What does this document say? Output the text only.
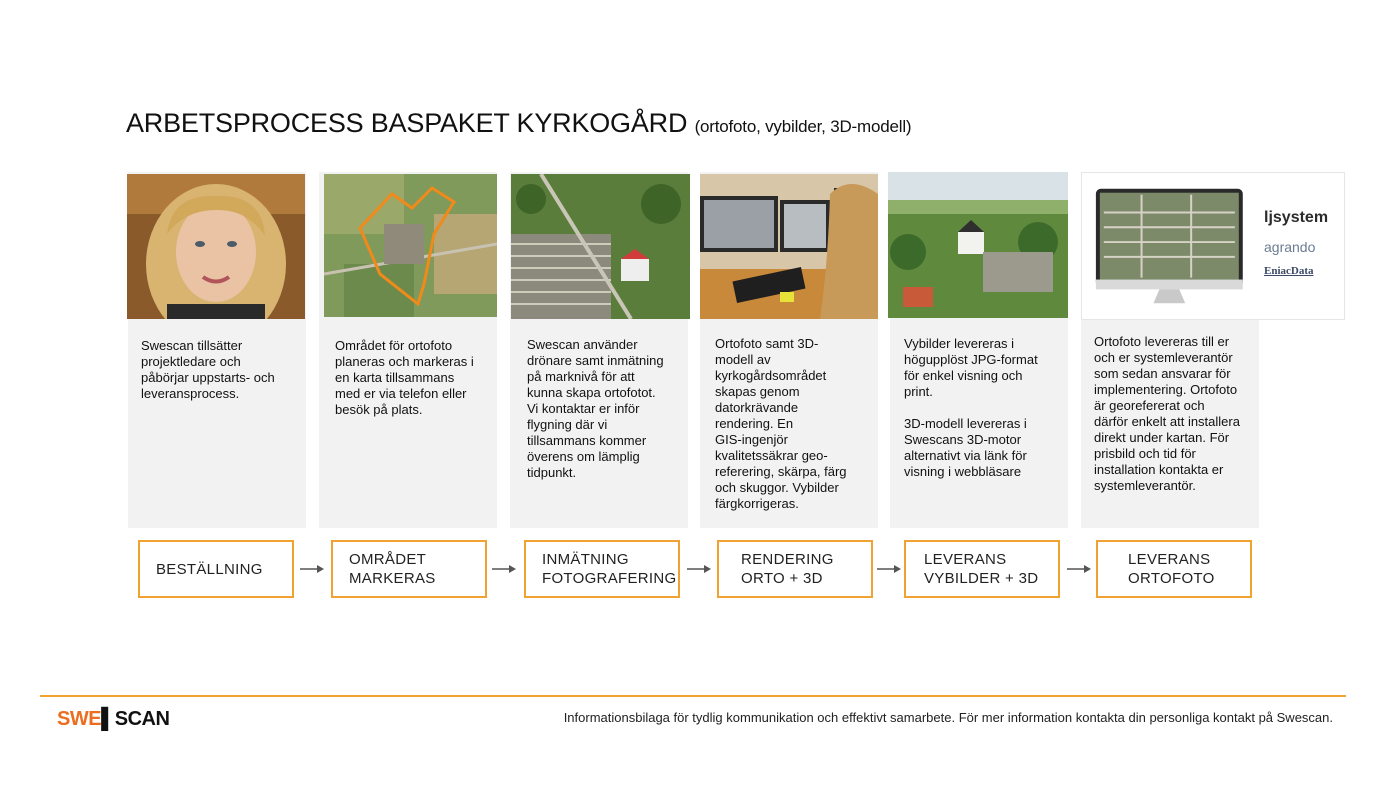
ARBETSPROCESS BASPAKET KYRKOGÅRD (ortofoto, vybilder, 3D-modell)
ljsystem
agrando
EniacData
Swescan tillsätter
projektledare och
påbörjar uppstarts- och
leveransprocess.
Området för ortofoto
planeras och markeras i
en karta tillsammans
med er via telefon eller
besök på plats.
Swescan använder
drönare samt inmätning
på marknivå för att
kunna skapa ortofotot.
Vi kontaktar er inför
flygning där vi
tillsammans kommer
överens om lämplig
tidpunkt.
Ortofoto samt 3D-
modell av
kyrkogårdsområdet
skapas genom
datorkrävande
rendering. En
GIS-ingenjör
kvalitetssäkrar geo-
referering, skärpa, färg
och skuggor. Vybilder
färgkorrigeras.
Vybilder levereras i
högupplöst JPG-format
för enkel visning och
print.

3D-modell levereras i
Swescans 3D-motor
alternativt via länk för
visning i webbläsare
Ortofoto levereras till er
och er systemleverantör
som sedan ansvarar för
implementering. Ortofoto
är georefererat och
därför enkelt att installera
direkt under kartan. För
prisbild och tid för
installation kontakta er
systemleverantör.
BESTÄLLNING
OMRÅDET
MARKERAS
INMÄTNING
FOTOGRAFERING
RENDERING
ORTO + 3D
LEVERANS
VYBILDER + 3D
LEVERANS
ORTOFOTO
SWE▌SCAN	Informationsbilaga för tydlig kommunikation och effektivt samarbete. För mer information kontakta din personliga kontakt på Swescan.
